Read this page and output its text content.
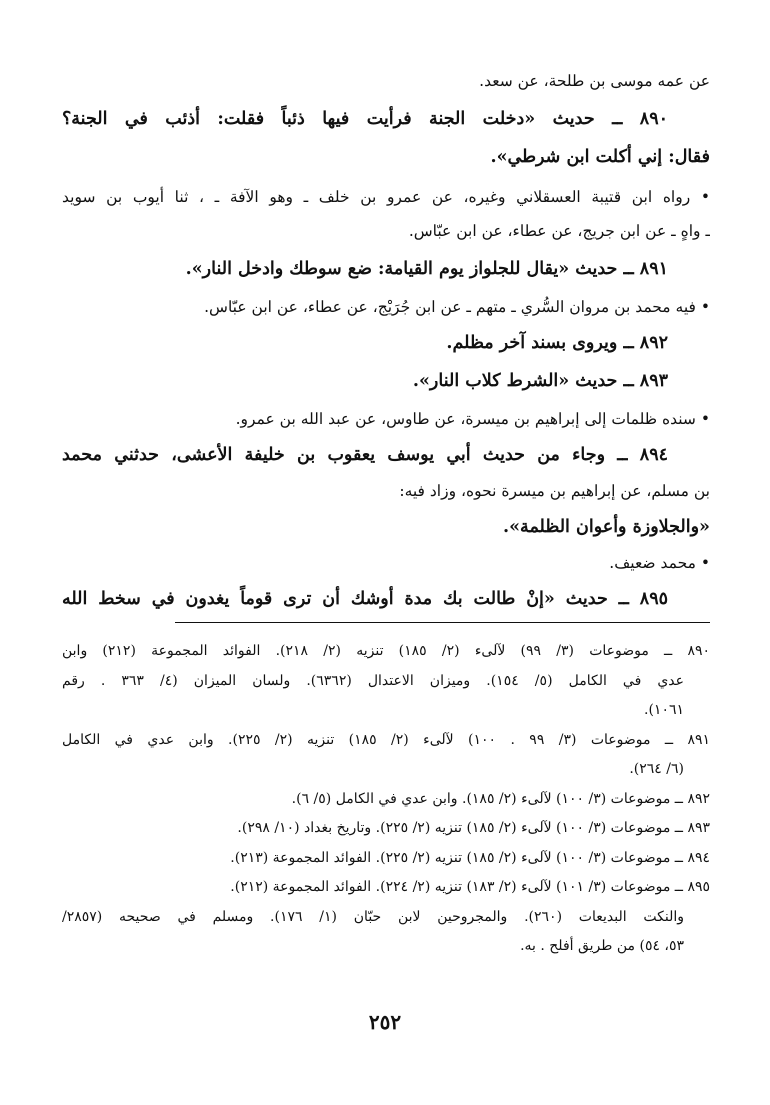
عن عمه موسى بن طلحة، عن سعد.
٨٩٠ ــ حديث «دخلت الجنة فرأيت فيها ذئباً فقلت: أذئب في الجنة؟
فقال: إني أكلت ابن شرطي».
• رواه ابن قتيبة العسقلاني وغيره، عن عمرو بن خلف ـ وهو الآفة ـ ، ثنا أيوب بن سويد
ـ واهٍ ـ عن ابن جريج، عن عطاء، عن ابن عبّاس.
٨٩١ ــ حديث «يقال للجلواز يوم القيامة: ضع سوطك وادخل النار».
• فيه محمد بن مروان السُّري ـ متهم ـ عن ابن جُرَيْج، عن عطاء، عن ابن عبّاس.
٨٩٢ ــ ويروى بسند آخر مظلم.
٨٩٣ ــ حديث «الشرط كلاب النار».
• سنده ظلمات إلى إبراهيم بن ميسرة، عن طاوس، عن عبد الله بن عمرو.
٨٩٤ ــ وجاء من حديث أبي يوسف يعقوب بن خليفة الأعشى، حدثني محمد
بن مسلم، عن إبراهيم بن ميسرة نحوه، وزاد فيه:
«والجلاوزة وأعوان الظلمة».
• محمد ضعيف.
٨٩٥ ــ حديث «إنْ طالت بك مدة أوشك أن ترى قوماً يغدون في سخط الله
٨٩٠ ــ موضوعات (٣/ ٩٩) لآلىء (٢/ ١٨٥) تنزيه (٢/ ٢١٨). الفوائد المجموعة (٢١٢) وابن
عدي في الكامل (٥/ ١٥٤). وميزان الاعتدال (٦٣٦٢). ولسان الميزان (٤/ ٣٦٣ . رقم
١٠٦١).
٨٩١ ــ موضوعات (٣/ ٩٩ . ١٠٠) لآلىء (٢/ ١٨٥) تنزيه (٢/ ٢٢٥). وابن عدي في الكامل
(٦/ ٢٦٤).
٨٩٢ ــ موضوعات (٣/ ١٠٠) لآلىء (٢/ ١٨٥). وابن عدي في الكامل (٥/ ٦).
٨٩٣ ــ موضوعات (٣/ ١٠٠) لآلىء (٢/ ١٨٥) تنزيه (٢/ ٢٢٥). وتاريخ بغداد (١٠/ ٢٩٨).
٨٩٤ ــ موضوعات (٣/ ١٠٠) لآلىء (٢/ ١٨٥) تنزيه (٢/ ٢٢٥). الفوائد المجموعة (٢١٣).
٨٩٥ ــ موضوعات (٣/ ١٠١) لآلىء (٢/ ١٨٣) تنزيه (٢/ ٢٢٤). الفوائد المجموعة (٢١٢).
والنكت البديعات (٢٦٠). والمجروحين لابن حبّان (١/ ١٧٦). ومسلم في صحيحه (٢٨٥٧/
٥٣، ٥٤) من طريق أفلح . به.
٢٥٢
